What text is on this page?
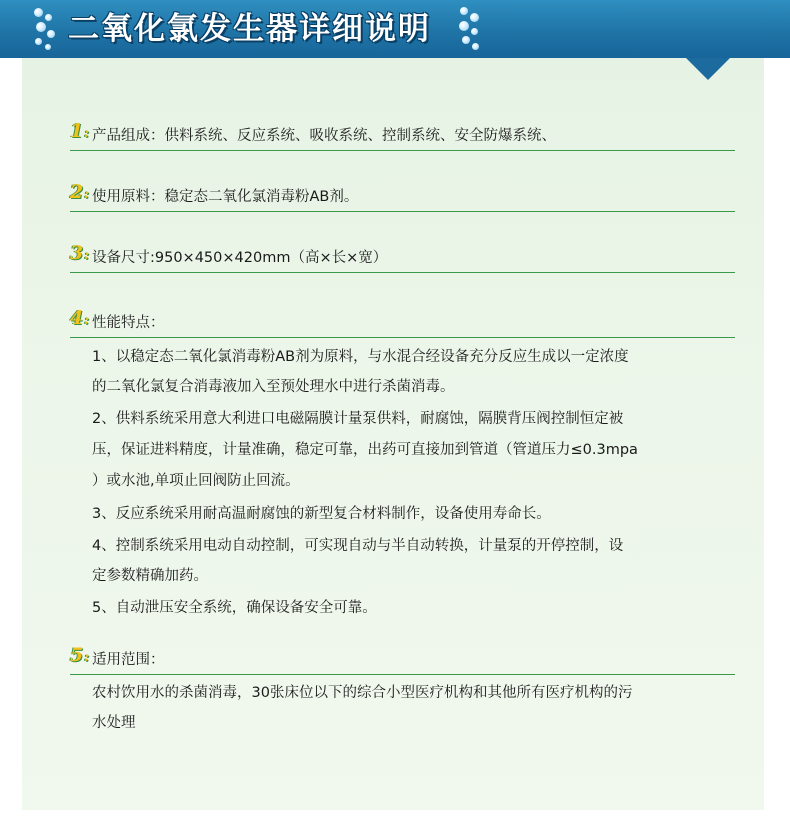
二氧化氯发生器详细说明
1: 产品组成：供料系统、反应系统、吸收系统、控制系统、安全防爆系统、
2: 使用原料：稳定态二氧化氯消毒粉AB剂。
3: 设备尺寸:950×450×420mm（高×长×宽）
4: 性能特点：
1、以稳定态二氧化氯消毒粉AB剂为原料，与水混合经设备充分反应生成以一定浓度
的二氧化氯复合消毒液加入至预处理水中进行杀菌消毒。
2、供料系统采用意大利进口电磁隔膜计量泵供料，耐腐蚀，隔膜背压阀控制恒定被
压，保证进料精度，计量准确，稳定可靠，出药可直接加到管道（管道压力≤0.3mpa
）或水池,单项止回阀防止回流。
3、反应系统采用耐高温耐腐蚀的新型复合材料制作，设备使用寿命长。
4、控制系统采用电动自动控制，可实现自动与半自动转换，计量泵的开停控制，设
定参数精确加药。
5、自动泄压安全系统，确保设备安全可靠。
5: 适用范围：
农村饮用水的杀菌消毒，30张床位以下的综合小型医疗机构和其他所有医疗机构的污
水处理
